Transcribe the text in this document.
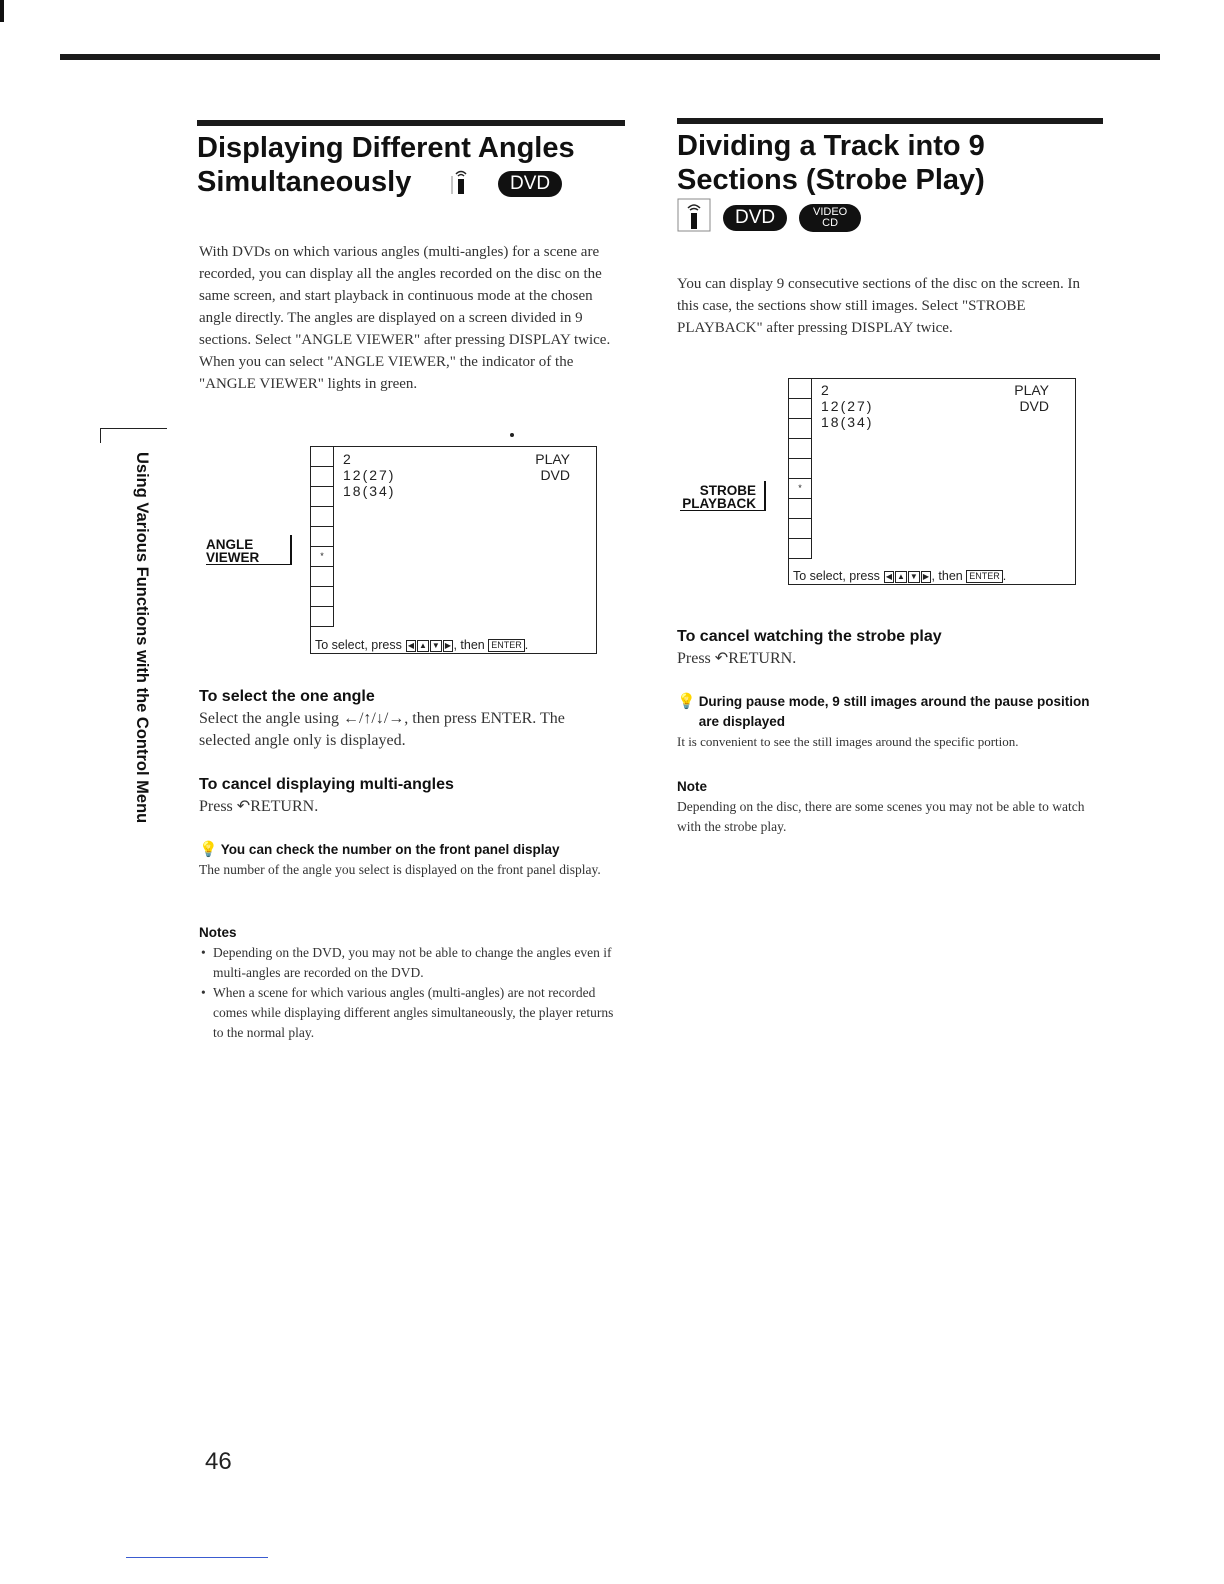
Using Various Functions with the Control Menu
Displaying Different Angles Simultaneously	DVD

With DVDs on which various angles (multi-angles) for a scene are recorded, you can display all the angles recorded on the disc on the same screen, and start playback in continuous mode at the chosen angle directly. The angles are displayed on a screen divided in 9 sections. Select "ANGLE VIEWER" after pressing DISPLAY twice. When you can select "ANGLE VIEWER," the indicator of the "ANGLE VIEWER" lights in green.

*
2
12(27)
18(34)
PLAY
DVD
To select, press ◀ ▲ ▼ ▶ , then ENTER .
ANGLE VIEWER
To select the one angle

Select the angle using ←/↑/↓/→, then press ENTER. The selected angle only is displayed.

To cancel displaying multi-angles

Press ↶RETURN.

💡 You can check the number on the front panel display

The number of the angle you select is displayed on the front panel display.

Notes
• Depending on the DVD, you may not be able to change the angles even if multi-angles are recorded on the DVD.
• When a scene for which various angles (multi-angles) are not recorded comes while displaying different angles simultaneously, the player returns to the normal play.
Dividing a Track into 9 Sections (Strobe Play)
DVD	VIDEO CD

You can display 9 consecutive sections of the disc on the screen. In this case, the sections show still images. Select "STROBE PLAYBACK" after pressing DISPLAY twice.

*
2
12(27)
18(34)
PLAY
DVD
To select, press ◀ ▲ ▼ ▶ , then ENTER .
STROBE PLAYBACK
To cancel watching the strobe play

Press ↶RETURN.

💡 During pause mode, 9 still images around the pause position are displayed

It is convenient to see the still images around the specific portion.

Note

Depending on the disc, there are some scenes you may not be able to watch with the strobe play.

46
